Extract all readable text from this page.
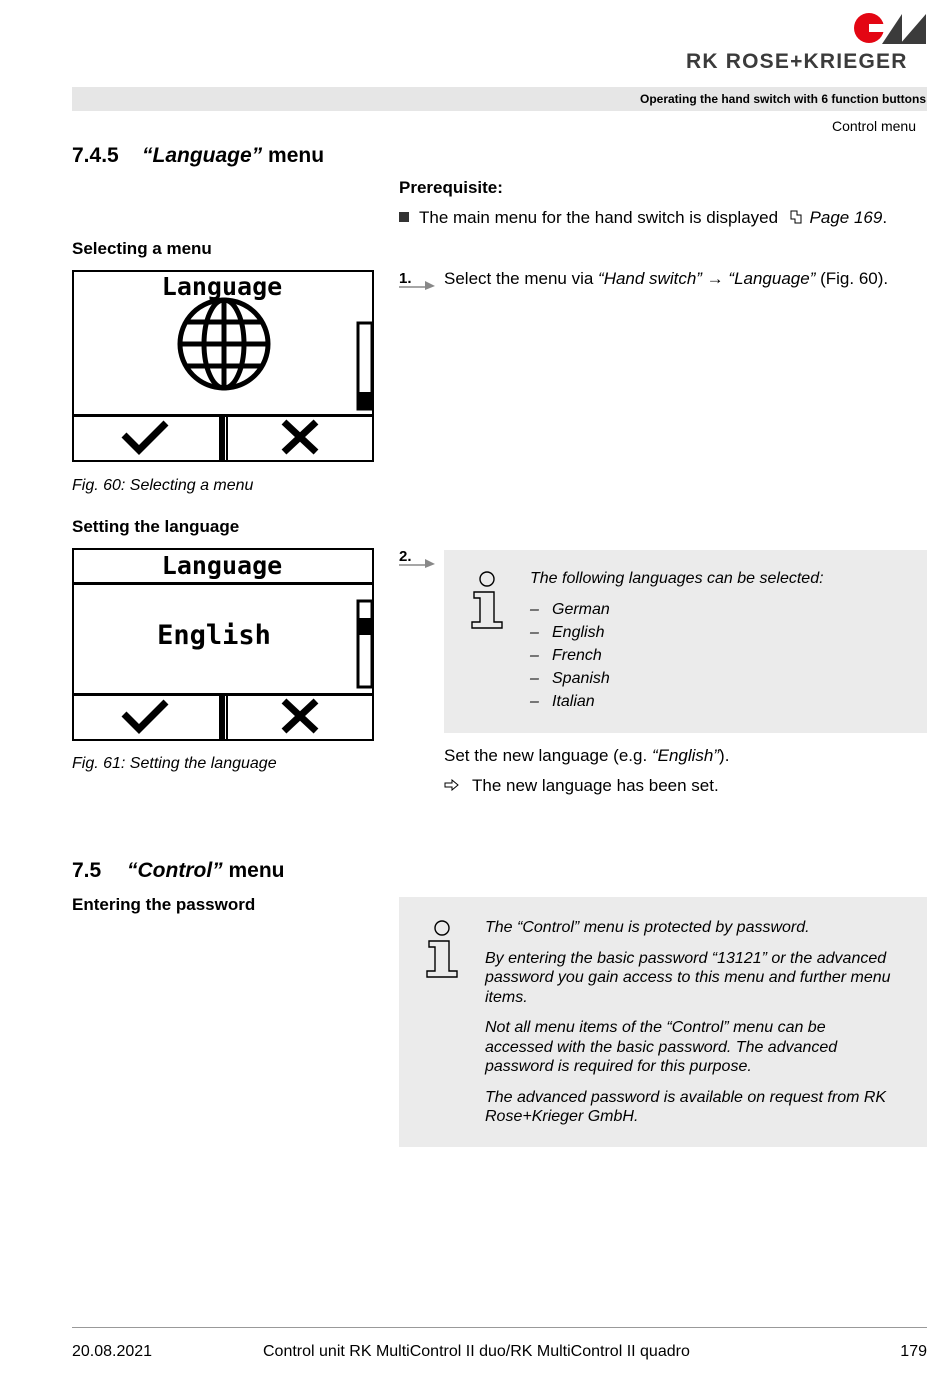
RK ROSE+KRIEGER
Operating the hand switch with 6 function buttons
Control menu
7.4.5 “Language” menu
Prerequisite:
The main menu for the hand switch is displayed Page 169.
Selecting a menu
1. Select the menu via “Hand switch” → “Language” (Fig. 60).
Language
Fig. 60: Selecting a menu
Setting the language
Language
English
Fig. 61: Setting the language
2.
The following languages can be selected:
– German
– English
– French
– Spanish
– Italian
Set the new language (e.g. “English”).
The new language has been set.
7.5 “Control” menu
Entering the password

The “Control” menu is protected by password.

By entering the basic password “13121” or the advanced password you gain access to this menu and further menu items.

Not all menu items of the “Control” menu can be accessed with the basic password. The advanced password is required for this purpose.

The advanced password is available on request from RK Rose+Krieger GmbH.

20.08.2021	Control unit RK MultiControl II duo/RK MultiControl II quadro	179
